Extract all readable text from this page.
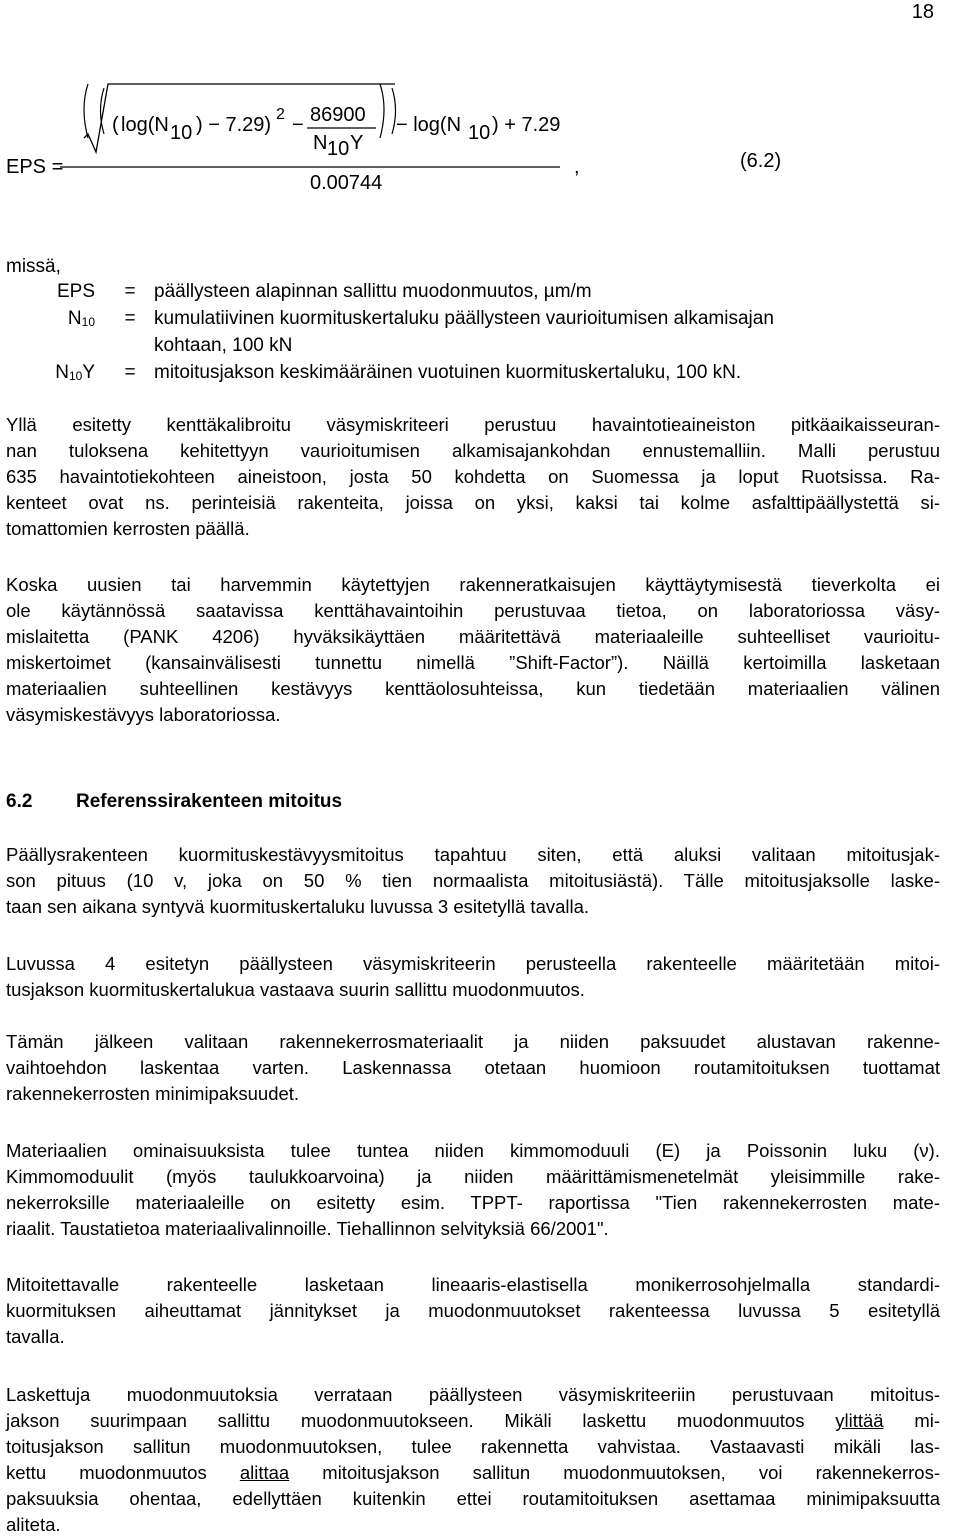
18
EPS =
( log(N 10 ) − 7.29) 2 − 86900
N 10 Y
− log(N 10 ) + 7.29
0.00744
,	(6.2)
missä,
EPS	= päällysteen alapinnan sallittu muodonmuutos, µm/m
$N_{10}$	= kumulatiivinen kuormituskertaluku päällysteen vaurioitumisen alkamisajan
kohtaan, 100 kN
$N_{10}Y$	= mitoitusjakson keskimääräinen vuotuinen kuormituskertaluku, 100 kN.
Yllä esitetty kenttäkalibroitu väsymiskriteeri perustuu havaintotieaineiston pitkäaikaisseuran-
nan tuloksena kehitettyyn vaurioitumisen alkamisajankohdan ennustemalliin. Malli perustuu
635 havaintotiekohteen aineistoon, josta 50 kohdetta on Suomessa ja loput Ruotsissa. Ra-
kenteet ovat ns. perinteisiä rakenteita, joissa on yksi, kaksi tai kolme asfalttipäällystettä si-
tomattomien kerrosten päällä.
Koska uusien tai harvemmin käytettyjen rakenneratkaisujen käyttäytymisestä tieverkolta ei
ole käytännössä saatavissa kenttähavaintoihin perustuvaa tietoa, on laboratoriossa väsy-
mislaitetta (PANK 4206) hyväksikäyttäen määritettävä materiaaleille suhteelliset vaurioitu-
miskertoimet (kansainvälisesti tunnettu nimellä ”Shift-Factor”). Näillä kertoimilla lasketaan
materiaalien suhteellinen kestävyys kenttäolosuhteissa, kun tiedetään materiaalien välinen
väsymiskestävyys laboratoriossa.
6.2 Referenssirakenteen mitoitus
Päällysrakenteen kuormituskestävyysmitoitus tapahtuu siten, että aluksi valitaan mitoitusjak-
son pituus (10 v, joka on 50 % tien normaalista mitoitusiästä). Tälle mitoitusjaksolle laske-
taan sen aikana syntyvä kuormituskertaluku luvussa 3 esitetyllä tavalla.
Luvussa 4 esitetyn päällysteen väsymiskriteerin perusteella rakenteelle määritetään mitoi-
tusjakson kuormituskertalukua vastaava suurin sallittu muodonmuutos.
Tämän jälkeen valitaan rakennekerrosmateriaalit ja niiden paksuudet alustavan rakenne-
vaihtoehdon laskentaa varten. Laskennassa otetaan huomioon routamitoituksen tuottamat
rakennekerrosten minimipaksuudet.
Materiaalien ominaisuuksista tulee tuntea niiden kimmomoduuli (E) ja Poissonin luku (ν).
Kimmomoduulit (myös taulukkoarvoina) ja niiden määrittämismenetelmät yleisimmille rake-
nekerroksille materiaaleille on esitetty esim. TPPT- raportissa "Tien rakennekerrosten mate-
riaalit. Taustatietoa materiaalivalinnoille. Tiehallinnon selvityksiä 66/2001".
Mitoitettavalle rakenteelle lasketaan lineaaris-elastisella monikerrosohjelmalla standardi-
kuormituksen aiheuttamat jännitykset ja muodonmuutokset rakenteessa luvussa 5 esitetyllä
tavalla.
Laskettuja muodonmuutoksia verrataan päällysteen väsymiskriteeriin perustuvaan mitoitus-
jakson suurimpaan sallittu muodonmuutokseen. Mikäli laskettu muodonmuutos ylittää mi-
toitusjakson sallitun muodonmuutoksen, tulee rakennetta vahvistaa. Vastaavasti mikäli las-
kettu muodonmuutos alittaa mitoitusjakson sallitun muodonmuutoksen, voi rakennekerros-
paksuuksia ohentaa, edellyttäen kuitenkin ettei routamitoituksen asettamaa minimipaksuutta
aliteta.
